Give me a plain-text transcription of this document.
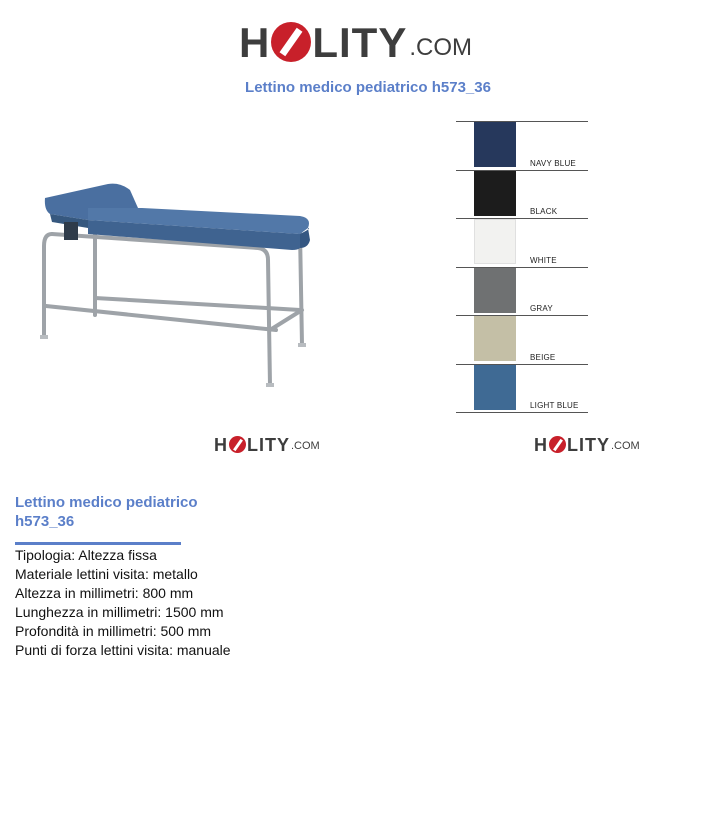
H LITY .COM
Lettino medico pediatrico h573_36
NAVY BLUE
BLACK
WHITE
GRAY
BEIGE
LIGHT BLUE
H LITY .COM	H LITY .COM
Lettino medico pediatrico
h573_36
Tipologia: Altezza fissa
Materiale lettini visita: metallo
Altezza in millimetri: 800 mm
Lunghezza in millimetri: 1500 mm
Profondità in millimetri: 500 mm
Punti di forza lettini visita: manuale
